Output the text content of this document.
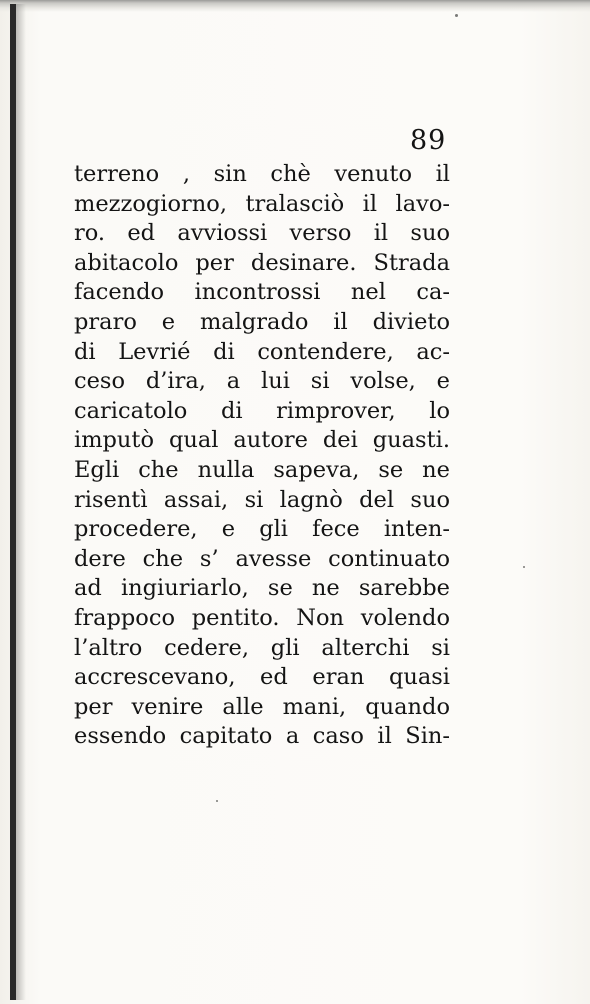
89
terreno , sin chè venuto il
mezzogiorno, tralasciò il lavo-
ro. ed avviossi verso il suo
abitacolo per desinare. Strada
facendo incontrossi nel ca-
praro e malgrado il divieto
di Levrié di contendere, ac-
ceso d’ira, a lui si volse, e
caricatolo di rimprover, lo
imputò qual autore dei guasti.
Egli che nulla sapeva, se ne
risentì assai, si lagnò del suo
procedere, e gli fece inten-
dere che s’ avesse continuato
ad ingiuriarlo, se ne sarebbe
frappoco pentito. Non volendo
l’altro cedere, gli alterchi si
accrescevano, ed eran quasi
per venire alle mani, quando
essendo capitato a caso il Sin-
